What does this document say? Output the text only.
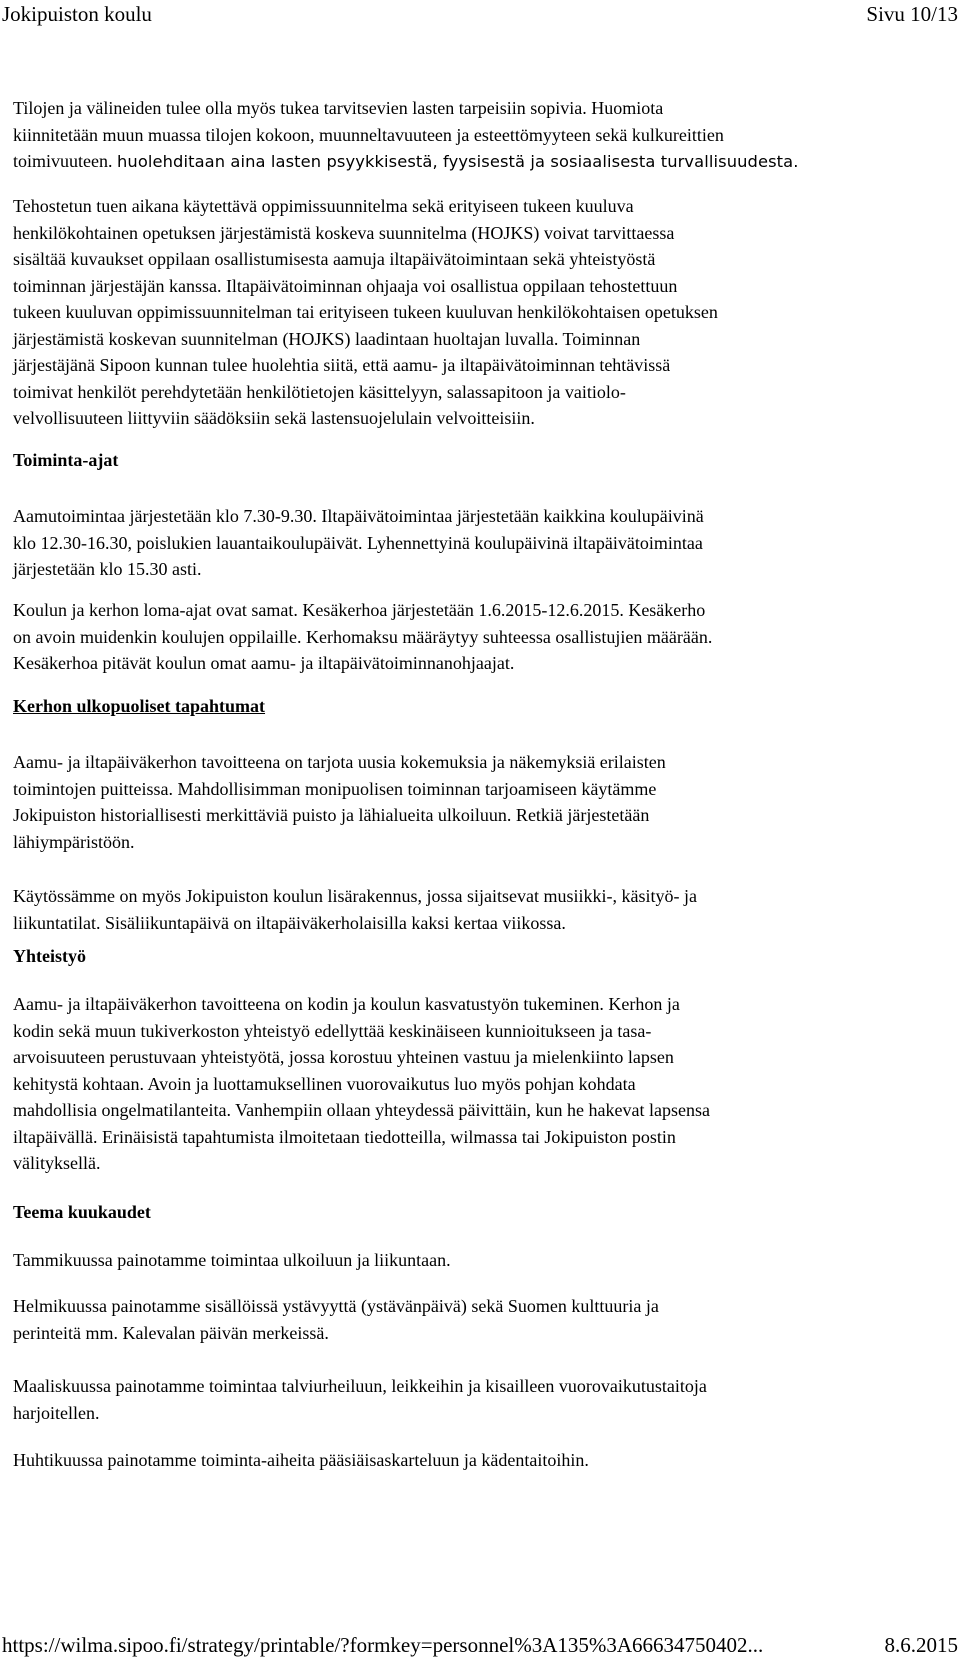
Jokipuiston koulu	Sivu 10/13
Tilojen ja välineiden tulee olla myös tukea tarvitsevien lasten tarpeisiin sopivia. Huomiota
kiinnitetään muun muassa tilojen kokoon, muunneltavuuteen ja esteettömyyteen sekä kulkureittien
toimivuuteen. huolehditaan aina lasten psyykkisestä, fyysisestä ja sosiaalisesta turvallisuudesta.
Tehostetun tuen aikana käytettävä oppimissuunnitelma sekä erityiseen tukeen kuuluva
henkilökohtainen opetuksen järjestämistä koskeva suunnitelma (HOJKS) voivat tarvittaessa
sisältää kuvaukset oppilaan osallistumisesta aamuja iltapäivätoimintaan sekä yhteistyöstä
toiminnan järjestäjän kanssa. Iltapäivätoiminnan ohjaaja voi osallistua oppilaan tehostettuun
tukeen kuuluvan oppimissuunnitelman tai erityiseen tukeen kuuluvan henkilökohtaisen opetuksen
järjestämistä koskevan suunnitelman (HOJKS) laadintaan huoltajan luvalla. Toiminnan
järjestäjänä Sipoon kunnan tulee huolehtia siitä, että aamu- ja iltapäivätoiminnan tehtävissä
toimivat henkilöt perehdytetään henkilötietojen käsittelyyn, salassapitoon ja vaitiolo-
velvollisuuteen liittyviin säädöksiin sekä lastensuojelulain velvoitteisiin.
Toiminta-ajat
Aamutoimintaa järjestetään klo 7.30-9.30. Iltapäivätoimintaa järjestetään kaikkina koulupäivinä
klo 12.30-16.30, poislukien lauantaikoulupäivät. Lyhennettyinä koulupäivinä iltapäivätoimintaa
järjestetään klo 15.30 asti.
Koulun ja kerhon loma-ajat ovat samat. Kesäkerhoa järjestetään 1.6.2015-12.6.2015. Kesäkerho
on avoin muidenkin koulujen oppilaille. Kerhomaksu määräytyy suhteessa osallistujien määrään.
Kesäkerhoa pitävät koulun omat aamu- ja iltapäivätoiminnanohjaajat.
Kerhon ulkopuoliset tapahtumat
Aamu- ja iltapäiväkerhon tavoitteena on tarjota uusia kokemuksia ja näkemyksiä erilaisten
toimintojen puitteissa. Mahdollisimman monipuolisen toiminnan tarjoamiseen käytämme
Jokipuiston historiallisesti merkittäviä puisto ja lähialueita ulkoiluun. Retkiä järjestetään
lähiympäristöön.
Käytössämme on myös Jokipuiston koulun lisärakennus, jossa sijaitsevat musiikki-, käsityö- ja
liikuntatilat. Sisäliikuntapäivä on iltapäiväkerholaisilla kaksi kertaa viikossa.
Yhteistyö
Aamu- ja iltapäiväkerhon tavoitteena on kodin ja koulun kasvatustyön tukeminen. Kerhon ja
kodin sekä muun tukiverkoston yhteistyö edellyttää keskinäiseen kunnioitukseen ja tasa-
arvoisuuteen perustuvaan yhteistyötä, jossa korostuu yhteinen vastuu ja mielenkiinto lapsen
kehitystä kohtaan. Avoin ja luottamuksellinen vuorovaikutus luo myös pohjan kohdata
mahdollisia ongelmatilanteita. Vanhempiin ollaan yhteydessä päivittäin, kun he hakevat lapsensa
iltapäivällä. Erinäisistä tapahtumista ilmoitetaan tiedotteilla, wilmassa tai Jokipuiston postin
välityksellä.
Teema kuukaudet
Tammikuussa painotamme toimintaa ulkoiluun ja liikuntaan.
Helmikuussa painotamme sisällöissä ystävyyttä (ystävänpäivä) sekä Suomen kulttuuria ja
perinteitä mm. Kalevalan päivän merkeissä.
Maaliskuussa painotamme toimintaa talviurheiluun, leikkeihin ja kisailleen vuorovaikutustaitoja
harjoitellen.
Huhtikuussa painotamme toiminta-aiheita pääsiäisaskarteluun ja kädentaitoihin.
https://wilma.sipoo.fi/strategy/printable/?formkey=personnel%3A135%3A66634750402...	8.6.2015
